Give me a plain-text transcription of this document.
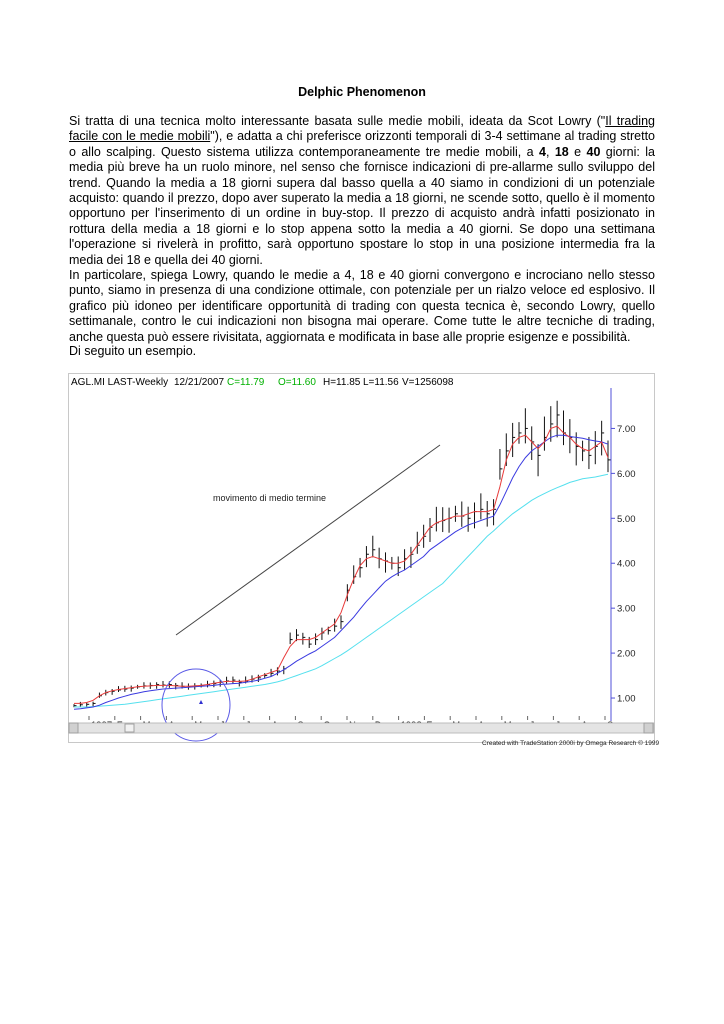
Delphic Phenomenon

Si tratta di una tecnica molto interessante basata sulle medie mobili, ideata da Scot Lowry ("Il trading facile con le medie mobili"), e adatta a chi preferisce orizzonti temporali di 3-4 settimane al trading stretto o allo scalping. Questo sistema utilizza contemporaneamente tre medie mobili, a 4, 18 e 40 giorni: la media più breve ha un ruolo minore, nel senso che fornisce indicazioni di pre-allarme sullo sviluppo del trend. Quando la media a 18 giorni supera dal basso quella a 40 siamo in condizioni di un potenziale acquisto: quando il prezzo, dopo aver superato la media a 18 giorni, ne scende sotto, quello è il momento opportuno per l'inserimento di un ordine in buy-stop. Il prezzo di acquisto andrà infatti posizionato in rottura della media a 18 giorni e lo stop appena sotto la media a 40 giorni. Se dopo una settimana l'operazione si rivelerà in profitto, sarà opportuno spostare lo stop in una posizione intermedia fra la media dei 18 e quella dei 40 giorni.

In particolare, spiega Lowry, quando le medie a 4, 18 e 40 giorni convergono e incrociano nello stesso punto, siamo in presenza di una condizione ottimale, con potenziale per un rialzo veloce ed esplosivo. Il grafico più idoneo per identificare opportunità di trading con questa tecnica è, secondo Lowry, quello settimanale, contro le cui indicazioni non bisogna mai operare. Come tutte le altre tecniche di trading, anche questa può essere rivisitata, aggiornata e modificata in base alle proprie esigenze e possibilità.

Di seguito un esempio.
AGL.MI LAST-Weekly 12/21/2007 C=11.79 O=11.60 H=11.85 L=11.56 V=1256098
1.00
2.00
3.00
4.00
5.00
6.00
7.00
movimento di medio termine
Created with TradeStation 2000i by Omega Research © 1999
